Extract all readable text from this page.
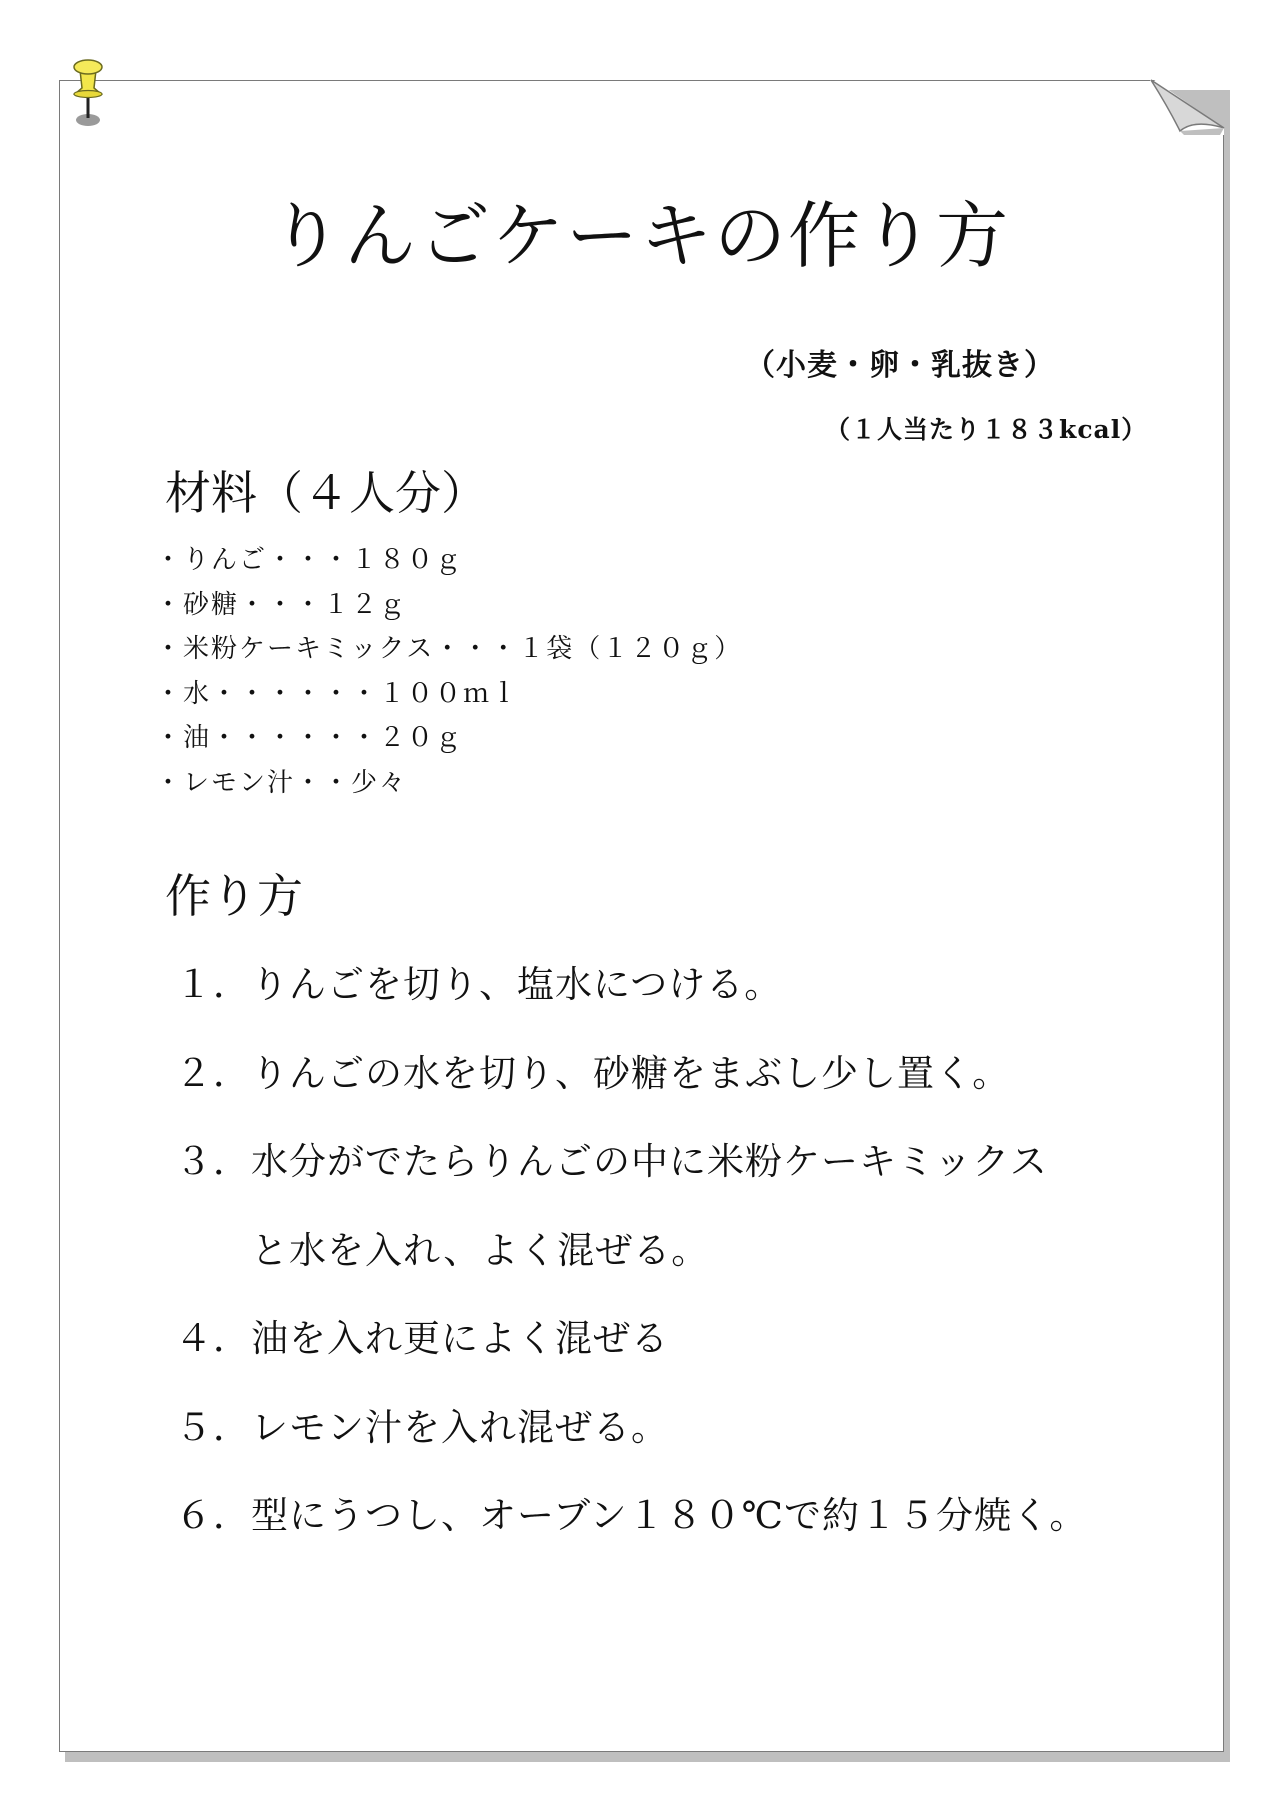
りんごケーキの作り方
（小麦・卵・乳抜き）
（１人当たり１８３kcal）
材料（４人分）
・りんご・・・１８０ｇ
・砂糖・・・１２ｇ
・米粉ケーキミックス・・・１袋（１２０ｇ）
・水・・・・・・１００ｍｌ
・油・・・・・・２０ｇ
・レモン汁・・少々
作り方
１．りんごを切り、塩水につける。
２．りんごの水を切り、砂糖をまぶし少し置く。
３．水分がでたらりんごの中に米粉ケーキミックス
と水を入れ、よく混ぜる。
４．油を入れ更によく混ぜる
５．レモン汁を入れ混ぜる。
６．型にうつし、オーブン１８０℃で約１５分焼く。
